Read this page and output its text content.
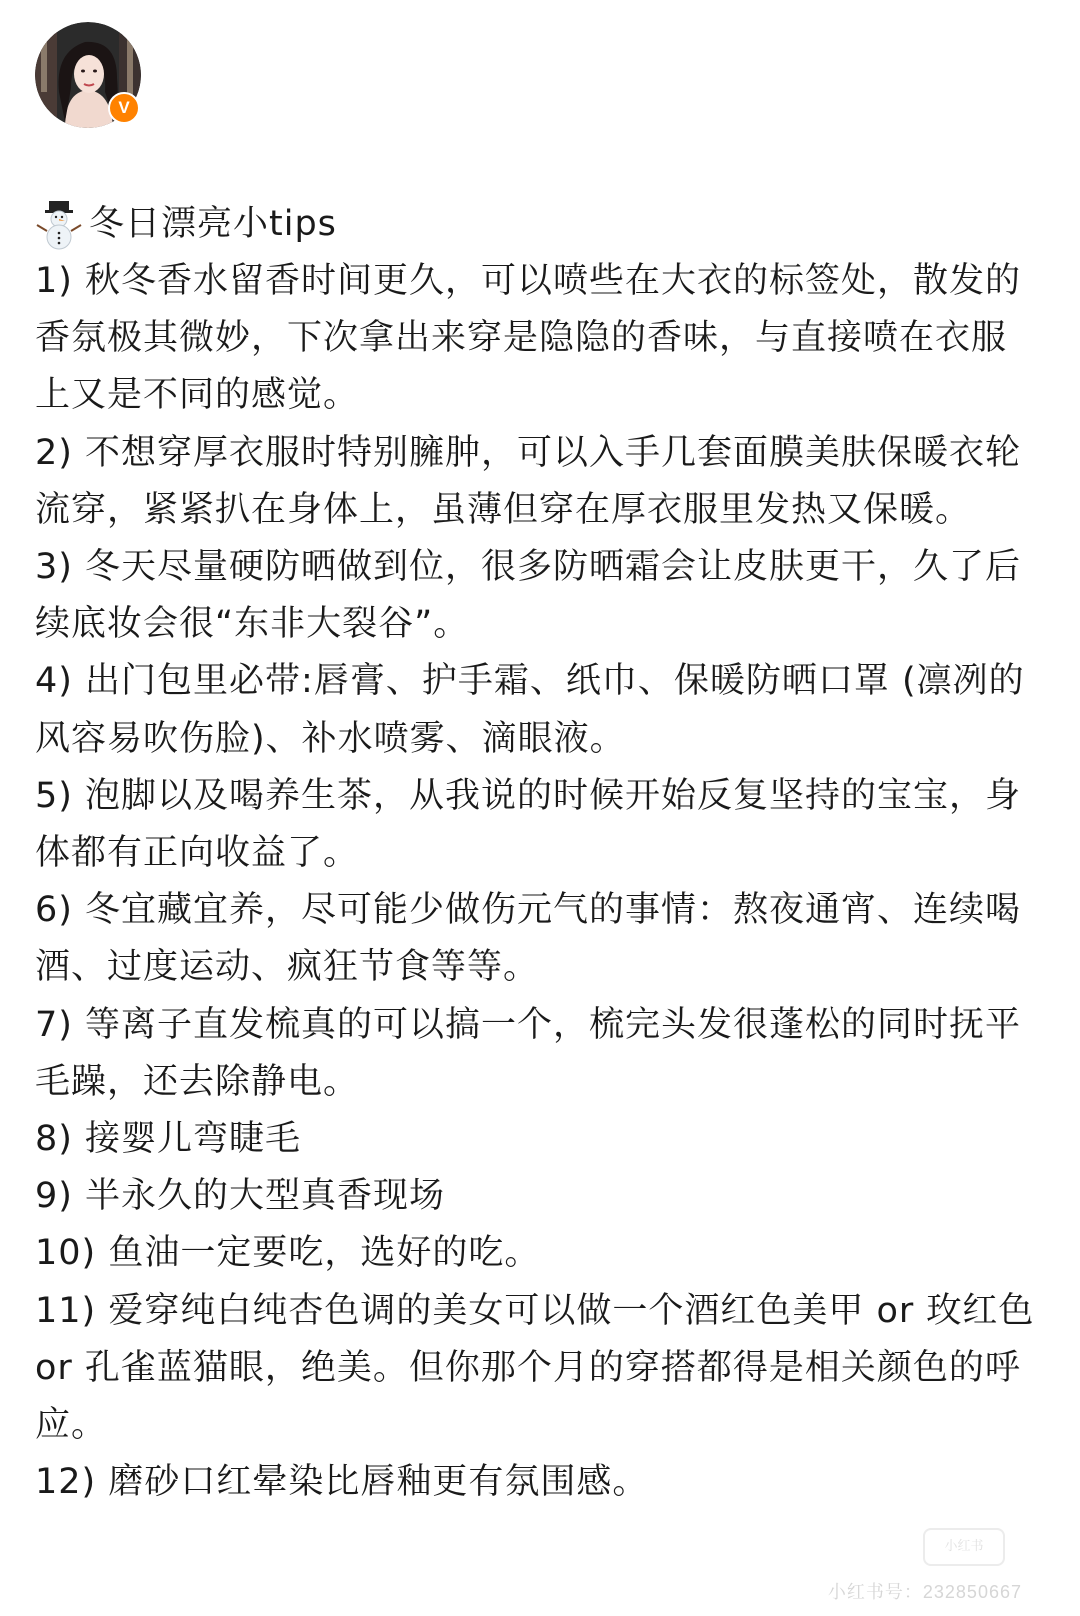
V
冬日漂亮小tips

1) 秋冬香水留香时间更久，可以喷些在大衣的标签处，散发的香氛极其微妙，下次拿出来穿是隐隐的香味，与直接喷在衣服上又是不同的感觉。

2) 不想穿厚衣服时特别臃肿，可以入手几套面膜美肤保暖衣轮流穿，紧紧扒在身体上，虽薄但穿在厚衣服里发热又保暖。

3) 冬天尽量硬防晒做到位，很多防晒霜会让皮肤更干，久了后续底妆会很“东非大裂谷”。

4) 出门包里必带:唇膏、护手霜、纸巾、保暖防晒口罩 (凛冽的风容易吹伤脸)、补水喷雾、滴眼液。

5) 泡脚以及喝养生茶，从我说的时候开始反复坚持的宝宝，身体都有正向收益了。

6) 冬宜藏宜养，尽可能少做伤元气的事情：熬夜通宵、连续喝酒、过度运动、疯狂节食等等。

7) 等离子直发梳真的可以搞一个，梳完头发很蓬松的同时抚平毛躁，还去除静电。

8) 接婴儿弯睫毛

9) 半永久的大型真香现场

10) 鱼油一定要吃，选好的吃。

11) 爱穿纯白纯杏色调的美女可以做一个酒红色美甲 or 玫红色 or 孔雀蓝猫眼，绝美。但你那个月的穿搭都得是相关颜色的呼应。

12) 磨砂口红晕染比唇釉更有氛围感。

小红书
小红书号：232850667
